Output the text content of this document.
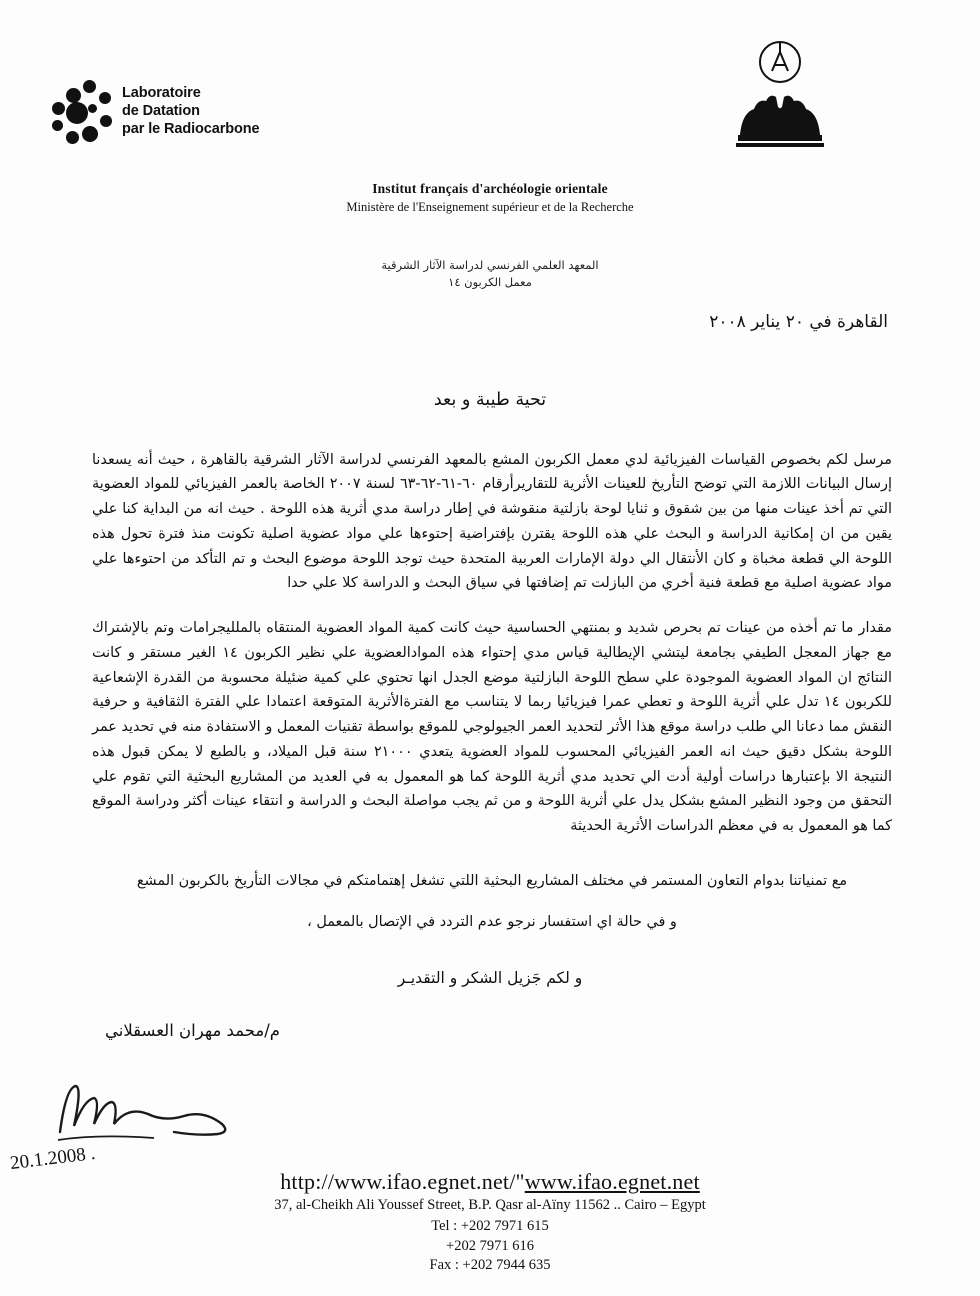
Laboratoire
de Datation
par le Radiocarbone
Institut français d'archéologie orientale
Ministère de l'Enseignement supérieur et de la Recherche
المعهد العلمي الفرنسي لدراسة الآثار الشرقية
معمل الكربون ١٤
القاهرة في ٢٠ يناير ٢٠٠٨
تحية طيبة و بعد

مرسل لكم بخصوص القياسات الفيزيائية لدي معمل الكربون المشع بالمعهد الفرنسي لدراسة الآثار الشرقية بالقاهرة ، حيث أنه يسعدنا إرسال البيانات اللازمة التي توضح التأريخ للعينات الأثرية للتقاريرأرقام ٦٠-٦١-٦٢-٦٣ لسنة ٢٠٠٧ الخاصة بالعمر الفيزيائي للمواد العضوية التي تم أخذ عينات منها من بين شقوق و ثنايا لوحة بازلتية منقوشة في إطار دراسة مدي أثرية هذه اللوحة . حيث انه من البداية كنا علي يقين من ان إمكانية الدراسة و البحث علي هذه اللوحة يقترن بإفتراضية إحتوءها علي مواد عضوية اصلية تكونت منذ فترة تحول هذه اللوحة الي قطعة مخباة و كان الأنتقال الي دولة الإمارات العربية المتحدة حيث توجد اللوحة موضوع البحث و تم التأكد من احتوءها علي مواد عضوية اصلية مع قطعة فنية أخري من البازلت تم إضافتها في سياق البحث و الدراسة كلا علي حدا

مقدار ما تم أخذه من عينات تم بحرص شديد و بمنتهي الحساسية حيث كانت كمية المواد العضوية المنتقاه بالملليجرامات وتم بالإشتراك مع جهاز المعجل الطيفي بجامعة ليتشي الإيطالية قياس مدي إحتواء هذه الموادالعضوية علي نظير الكربون ١٤ الغير مستقر و كانت النتائج ان المواد العضوية الموجودة علي سطح اللوحة البازلتية موضع الجدل انها تحتوي علي كمية ضئيلة محسوبة من القدرة الإشعاعية للكربون ١٤ تدل علي أثرية اللوحة و تعطي عمرا فيزيائيا ربما لا يتناسب مع الفترةالأثرية المتوقعة اعتمادا علي الفترة الثقافية و حرفية النقش مما دعانا الي طلب دراسة موقع هذا الأثر لتحديد العمر الجيولوجي للموقع بواسطة تقنيات المعمل و الاستفادة منه في تحديد عمر اللوحة بشكل دقيق حيث انه العمر الفيزيائي المحسوب للمواد العضوية يتعدي ٢١٠٠٠ سنة قبل الميلاد، و بالطبع لا يمكن قبول هذه النتيجة الا بإعتبارها دراسات أولية أدت الي تحديد مدي أثرية اللوحة كما هو المعمول به في العديد من المشاريع البحثية التي تقوم علي التحقق من وجود النظير المشع بشكل يدل علي أثرية اللوحة و من ثم يجب مواصلة البحث و الدراسة و انتقاء عينات أكثر ودراسة الموقع كما هو المعمول به في معظم الدراسات الأثرية الحديثة

مع تمنياتنا بدوام التعاون المستمر في مختلف المشاريع البحثية اللتي تشغل إهتمامتكم في مجالات التأريخ بالكربون المشع

و في حالة اي استفسار نرجو عدم التردد في الإتصال بالمعمل ،

و لكم جَزيل الشكر و التقديـر
م/محمد مهران العسقلاني
20.1.2008 .
http://www.ifao.egnet.net/"www.ifao.egnet.net
37, al-Cheikh Ali Youssef Street, B.P. Qasr al-Aïny 11562 .. Cairo – Egypt
Tel : +202 7971 615
+202 7971 616
Fax : +202 7944 635
